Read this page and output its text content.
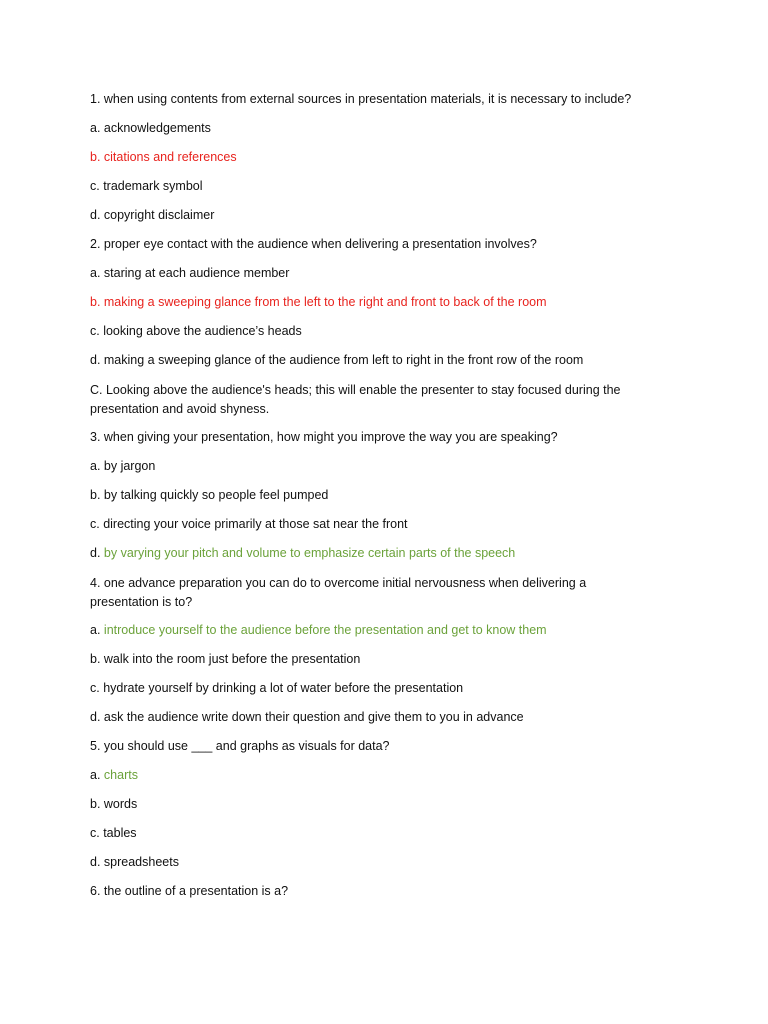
1. when using contents from external sources in presentation materials, it is necessary to include?

a. acknowledgements

b. citations and references

c. trademark symbol

d. copyright disclaimer

2. proper eye contact with the audience when delivering a presentation involves?

a. staring at each audience member

b. making a sweeping glance from the left to the right and front to back of the room

c. looking above the audience’s heads

d. making a sweeping glance of the audience from left to right in the front row of the room

C. Looking above the audience's heads; this will enable the presenter to stay focused during the presentation and avoid shyness.

3. when giving your presentation, how might you improve the way you are speaking?

a. by jargon

b. by talking quickly so people feel pumped

c. directing your voice primarily at those sat near the front

d. by varying your pitch and volume to emphasize certain parts of the speech

4. one advance preparation you can do to overcome initial nervousness when delivering a presentation is to?

a. introduce yourself to the audience before the presentation and get to know them

b. walk into the room just before the presentation

c. hydrate yourself by drinking a lot of water before the presentation

d. ask the audience write down their question and give them to you in advance

5. you should use ___ and graphs as visuals for data?

a. charts

b. words

c. tables

d. spreadsheets

6. the outline of a presentation is a?
